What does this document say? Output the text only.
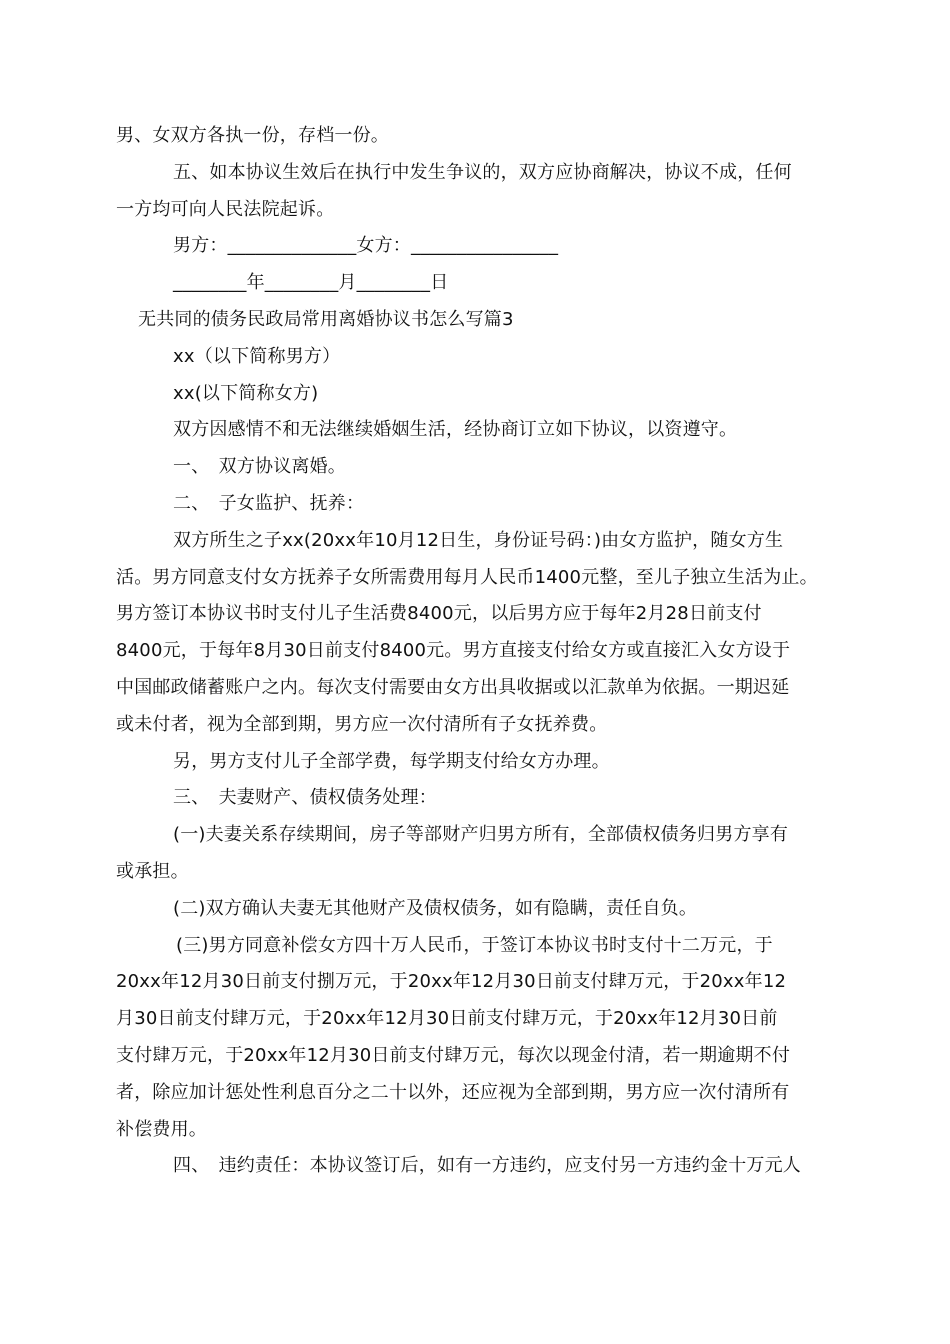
男、女双方各执一份，存档一份。
五、如本协议生效后在执行中发生争议的，双方应协商解决，协议不成，任何
一方均可向人民法院起诉。
男方：______________女方：________________
________年________月________日
无共同的债务民政局常用离婚协议书怎么写篇3
xx（以下简称男方）
xx(以下简称女方)
双方因感情不和无法继续婚姻生活，经协商订立如下协议，以资遵守。
一、　双方协议离婚。
二、　子女监护、抚养：
双方所生之子xx(20xx年10月12日生，身份证号码：)由女方监护，随女方生
活。男方同意支付女方抚养子女所需费用每月人民币1400元整，至儿子独立生活为止。
男方签订本协议书时支付儿子生活费8400元，以后男方应于每年2月28日前支付
8400元，于每年8月30日前支付8400元。男方直接支付给女方或直接汇入女方设于
中国邮政储蓄账户之内。每次支付需要由女方出具收据或以汇款单为依据。一期迟延
或未付者，视为全部到期，男方应一次付清所有子女抚养费。
另，男方支付儿子全部学费，每学期支付给女方办理。
三、　夫妻财产、债权债务处理：
(一)夫妻关系存续期间，房子等部财产归男方所有，全部债权债务归男方享有
或承担。
(二)双方确认夫妻无其他财产及债权债务，如有隐瞒，责任自负。
(三)男方同意补偿女方四十万人民币，于签订本协议书时支付十二万元，于
20xx年12月30日前支付捌万元，于20xx年12月30日前支付肆万元，于20xx年12
月30日前支付肆万元，于20xx年12月30日前支付肆万元，于20xx年12月30日前
支付肆万元，于20xx年12月30日前支付肆万元，每次以现金付清，若一期逾期不付
者，除应加计惩处性利息百分之二十以外，还应视为全部到期，男方应一次付清所有
补偿费用。
四、　违约责任：本协议签订后，如有一方违约，应支付另一方违约金十万元人
